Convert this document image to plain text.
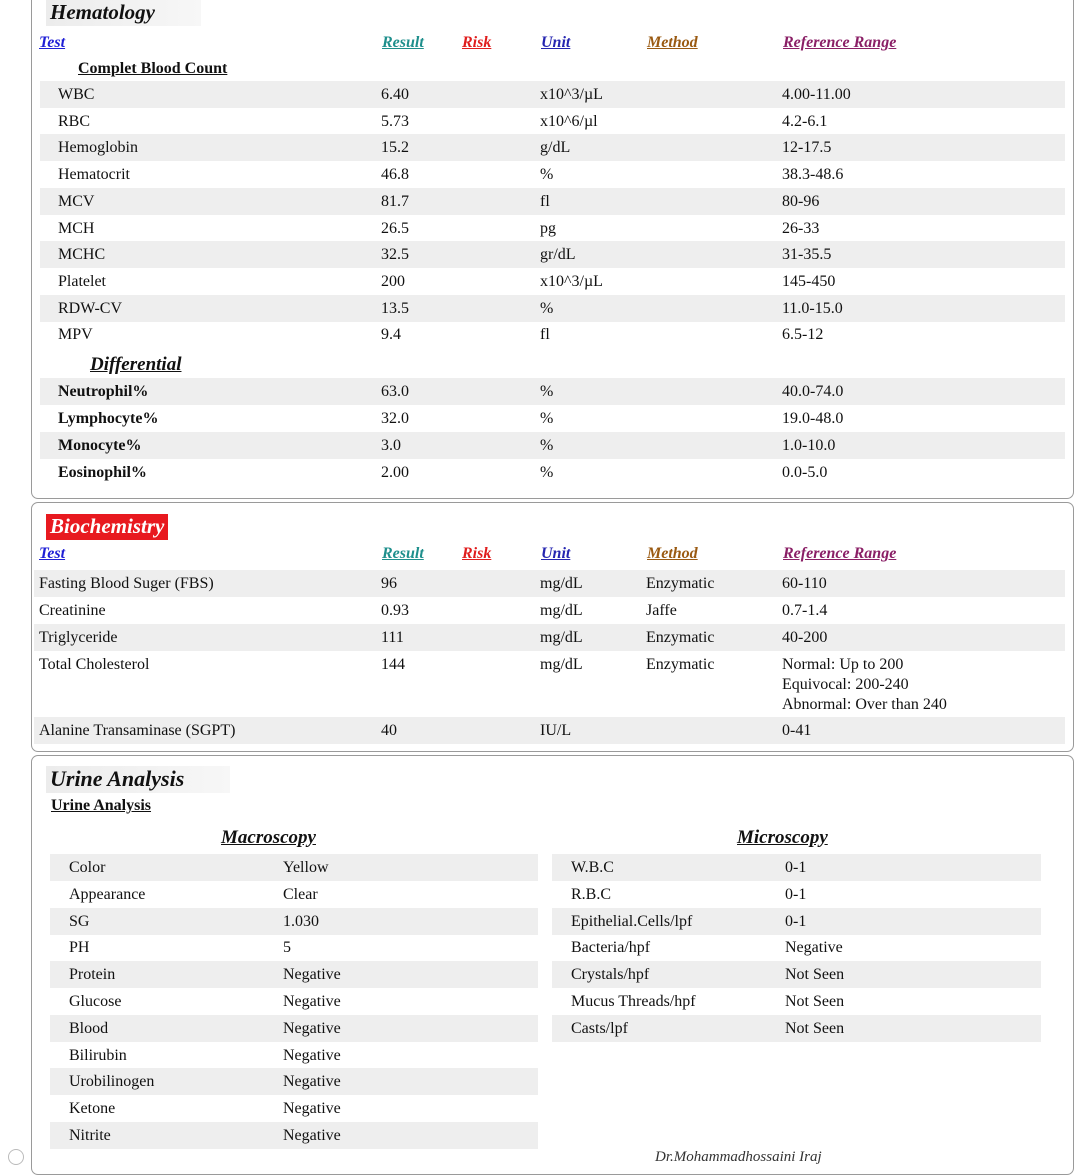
Hematology
Test	Result Risk	Unit	Method	Reference Range
Complet Blood Count
WBC	6.40	x10^3/µL	4.00-11.00
RBC	5.73	x10^6/µl	4.2-6.1
Hemoglobin	15.2	g/dL	12-17.5
Hematocrit	46.8	%	38.3-48.6
MCV	81.7	fl	80-96
MCH	26.5	pg	26-33
MCHC	32.5	gr/dL	31-35.5
Platelet	200	x10^3/µL	145-450
RDW-CV	13.5	%	11.0-15.0
MPV	9.4	fl	6.5-12
Differential
Neutrophil%	63.0	%	40.0-74.0
Lymphocyte%	32.0	%	19.0-48.0
Monocyte%	3.0	%	1.0-10.0
Eosinophil%	2.00	%	0.0-5.0
Biochemistry
Test	Result Risk	Unit	Method	Reference Range
Fasting Blood Suger (FBS)	96	mg/dL	Enzymatic	60-110
Creatinine	0.93	mg/dL	Jaffe	0.7-1.4
Triglyceride	111	mg/dL	Enzymatic	40-200
Total Cholesterol	144	mg/dL	Enzymatic	Normal: Up to 200
Equivocal: 200-240
Abnormal: Over than 240
Alanine Transaminase (SGPT)	40	IU/L	0-41
Urine Analysis
Urine Analysis
Macroscopy	Microscopy
Color	Yellow
Appearance	Clear
SG	1.030
PH	5
Protein	Negative
Glucose	Negative
Blood	Negative
Bilirubin	Negative
Urobilinogen	Negative
Ketone	Negative
Nitrite	Negative
W.B.C	0-1
R.B.C	0-1
Epithelial.Cells/lpf	0-1
Bacteria/hpf	Negative
Crystals/hpf	Not Seen
Mucus Threads/hpf	Not Seen
Casts/lpf	Not Seen
Dr.Mohammadhossaini Iraj
